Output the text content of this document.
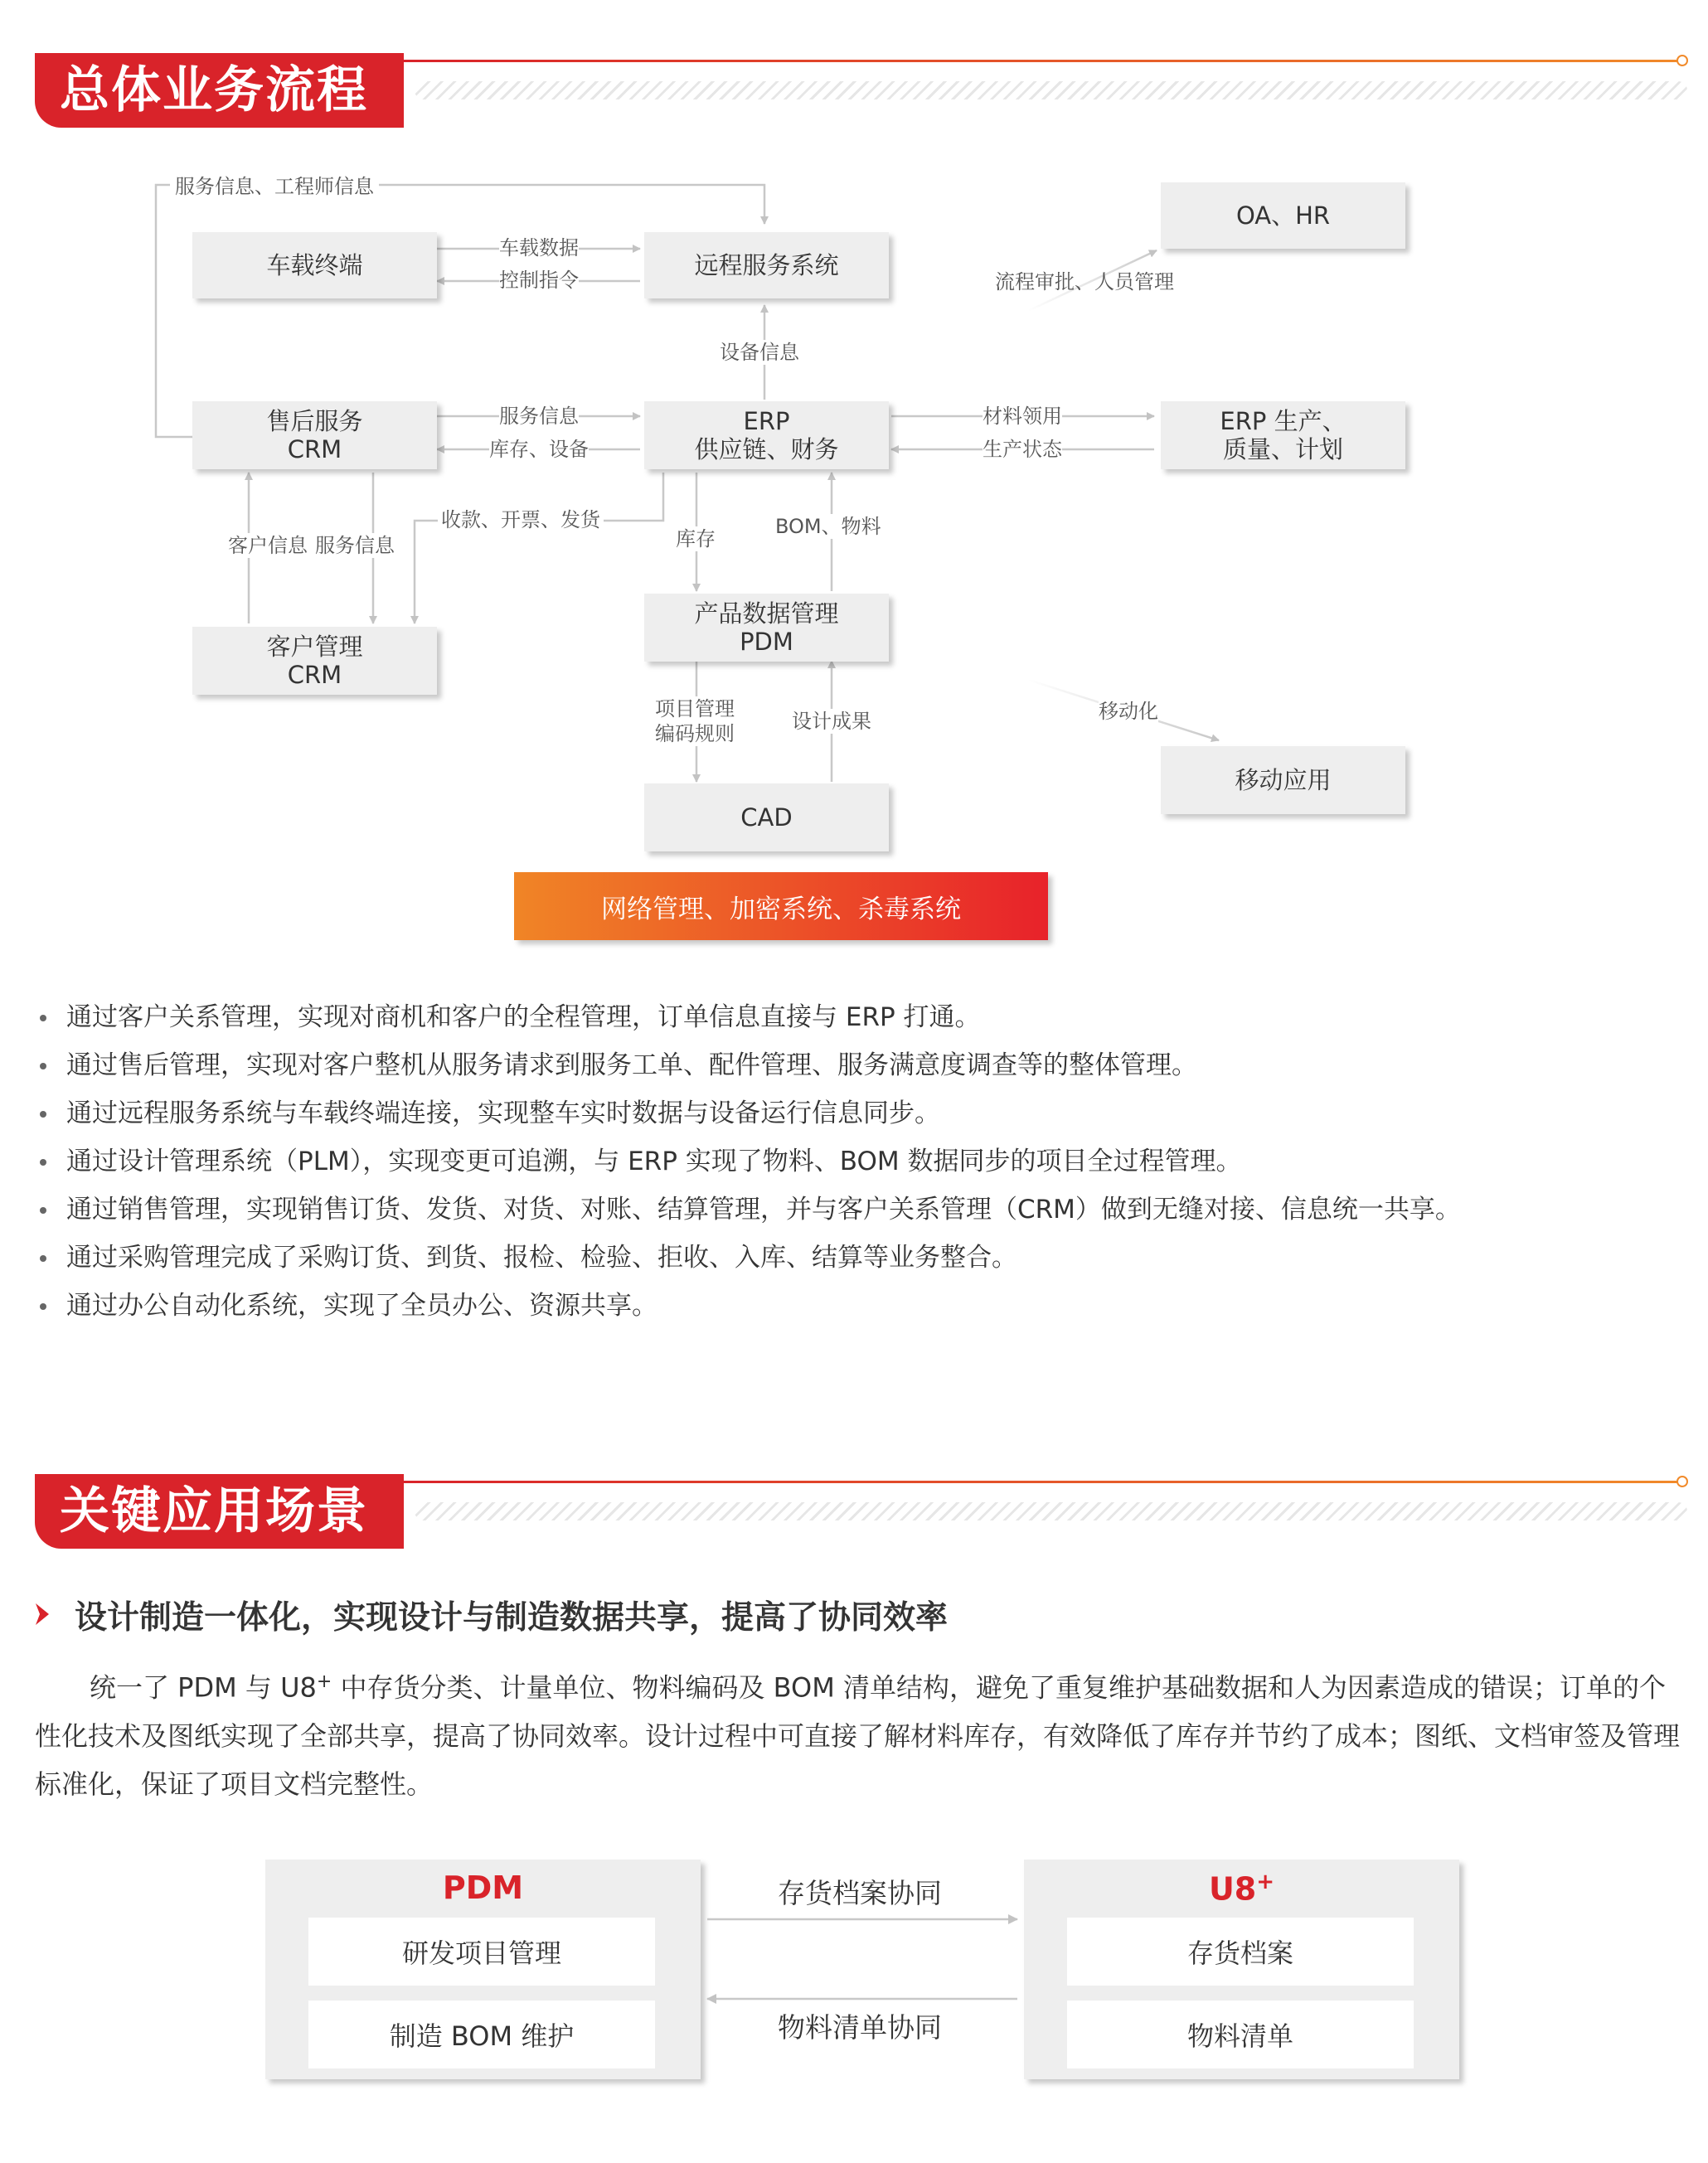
总体业务流程
车载终端	远程服务系统
OA、HR
售后服务
CRM
ERP
供应链、财务
ERP 生产、
质量、计划
客户管理
CRM
产品数据管理
PDM
CAD
移动应用
服务信息、工程师信息
车载数据
控制指令	流程审批、人员管理
设备信息
服务信息
库存、设备
材料领用
生产状态
客户信息 服务信息
收款、开票、发货
库存
BOM、物料
项目管理
编码规则
设计成果	移动化
网络管理、加密系统、杀毒系统
通过客户关系管理，实现对商机和客户的全程管理，订单信息直接与 ERP 打通。
通过售后管理，实现对客户整机从服务请求到服务工单、配件管理、服务满意度调查等的整体管理。
通过远程服务系统与车载终端连接，实现整车实时数据与设备运行信息同步。
通过设计管理系统（PLM），实现变更可追溯，与 ERP 实现了物料、BOM 数据同步的项目全过程管理。
通过销售管理，实现销售订货、发货、对货、对账、结算管理，并与客户关系管理（CRM）做到无缝对接、信息统一共享。
通过采购管理完成了采购订货、到货、报检、检验、拒收、入库、结算等业务整合。
通过办公自动化系统，实现了全员办公、资源共享。
关键应用场景
设计制造一体化，实现设计与制造数据共享，提高了协同效率
统一了 PDM 与 U8+ 中存货分类、计量单位、物料编码及 BOM 清单结构，避免了重复维护基础数据和人为因素造成的错误；订单的个性化技术及图纸实现了全部共享，提高了协同效率。设计过程中可直接了解材料库存，有效降低了库存并节约了成本；图纸、文档审签及管理标准化，保证了项目文档完整性。
PDM
研发项目管理
制造 BOM 维护
U8+
存货档案
物料清单
存货档案协同
物料清单协同
